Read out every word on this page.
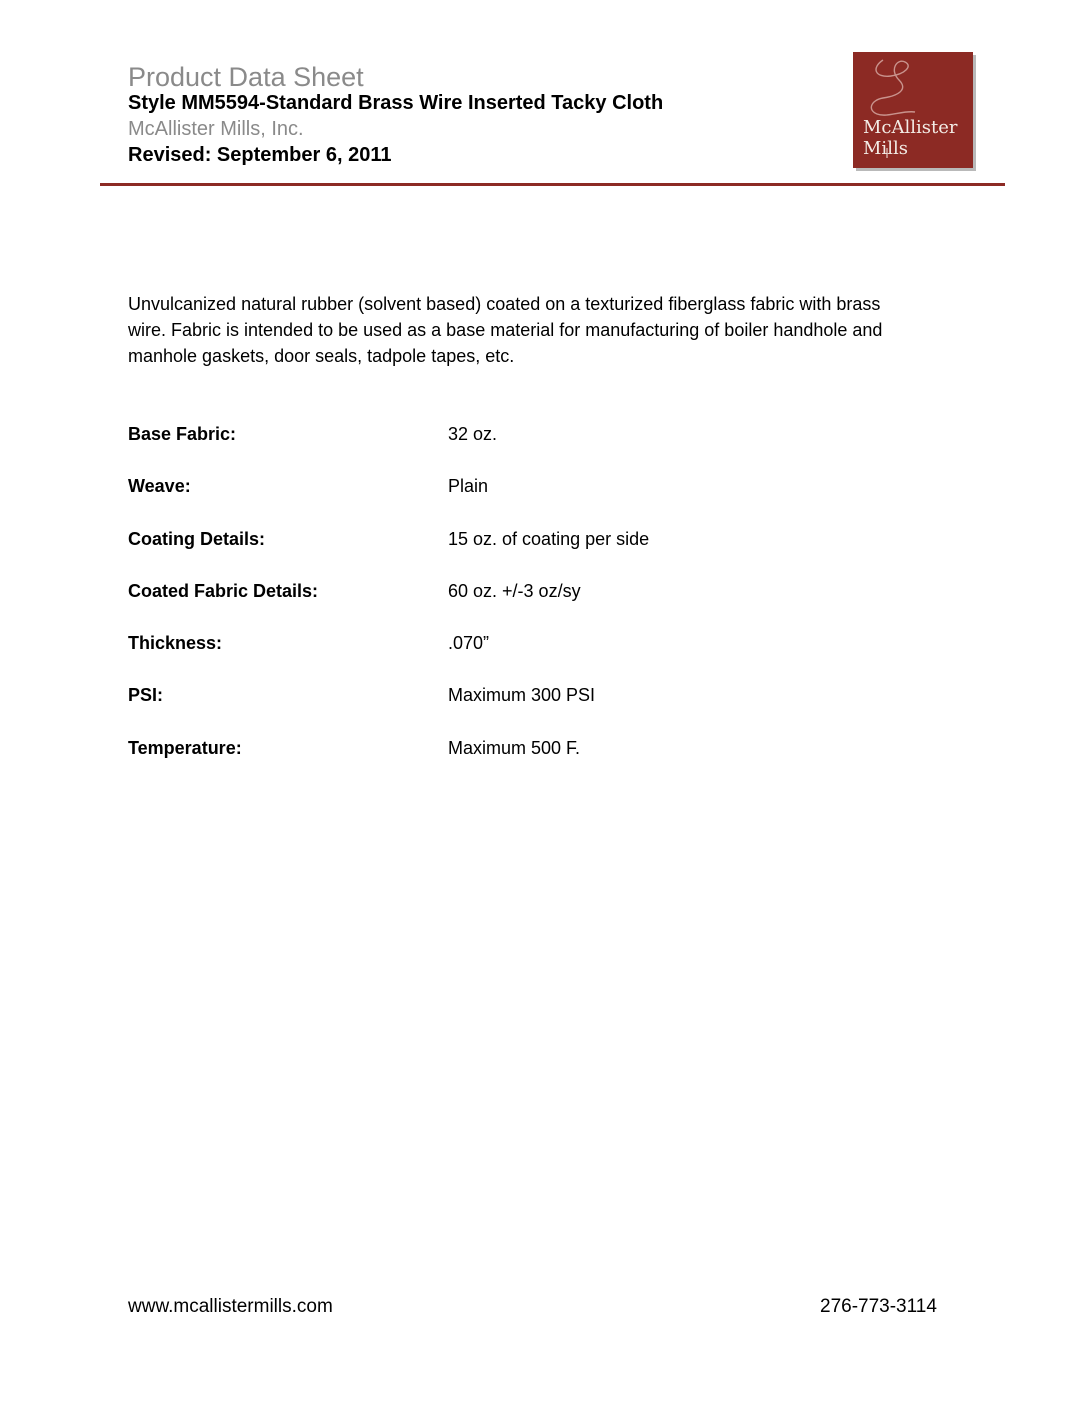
Product Data Sheet
Style MM5594-Standard Brass Wire Inserted Tacky Cloth
McAllister Mills, Inc.
Revised: September 6, 2011
McAllister
Mills
Unvulcanized natural rubber (solvent based) coated on a texturized fiberglass fabric with brass wire. Fabric is intended to be used as a base material for manufacturing of boiler handhole and manhole gaskets, door seals, tadpole tapes, etc.
Base Fabric:	32 oz.
Weave:	Plain
Coating Details:	15 oz. of coating per side
Coated Fabric Details:	60 oz. +/-3 oz/sy
Thickness:	.070”
PSI:	Maximum 300 PSI
Temperature:	Maximum 500 F.
www.mcallistermills.com	276-773-3114
